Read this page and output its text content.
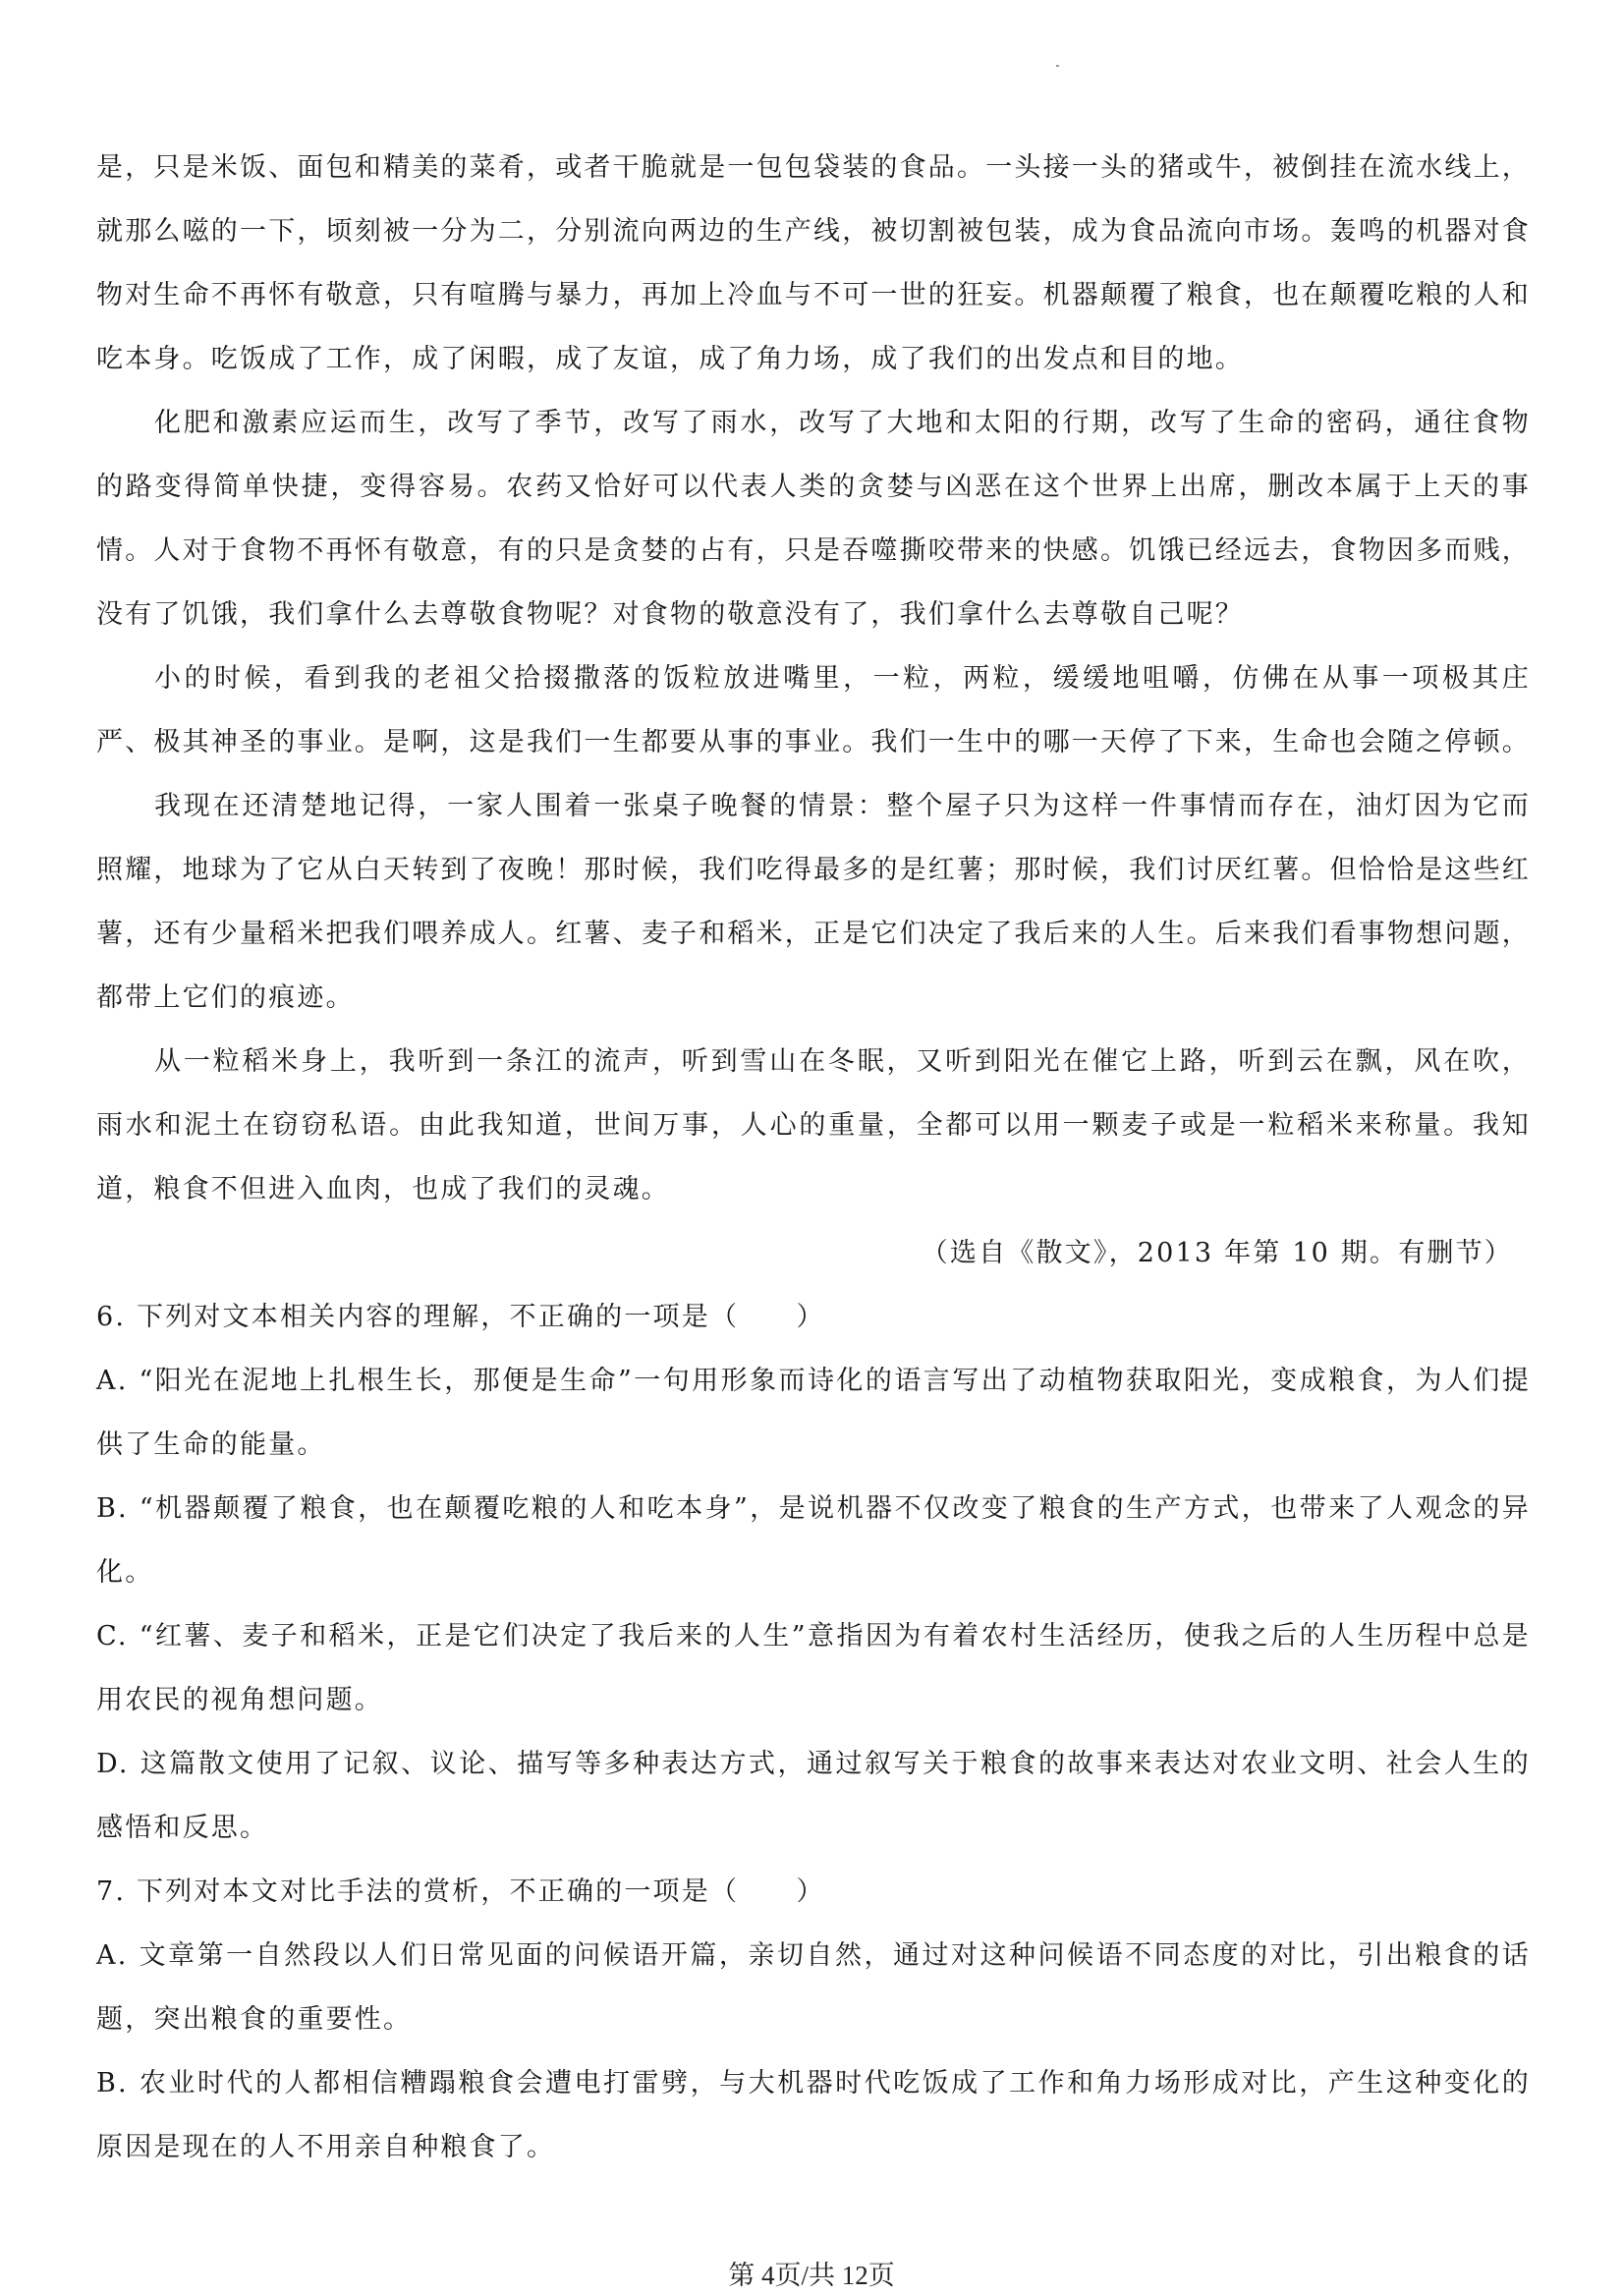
是，只是米饭、面包和精美的菜肴，或者干脆就是一包包袋装的食品。一头接一头的猪或牛，被倒挂在流水线上，就那么嗞的一下，顷刻被一分为二，分别流向两边的生产线，被切割被包装，成为食品流向市场。轰鸣的机器对食物对生命不再怀有敬意，只有喧腾与暴力，再加上冷血与不可一世的狂妄。机器颠覆了粮食，也在颠覆吃粮的人和吃本身。吃饭成了工作，成了闲暇，成了友谊，成了角力场，成了我们的出发点和目的地。

化肥和激素应运而生，改写了季节，改写了雨水，改写了大地和太阳的行期，改写了生命的密码，通往食物的路变得简单快捷，变得容易。农药又恰好可以代表人类的贪婪与凶恶在这个世界上出席，删改本属于上天的事情。人对于食物不再怀有敬意，有的只是贪婪的占有，只是吞噬撕咬带来的快感。饥饿已经远去，食物因多而贱，没有了饥饿，我们拿什么去尊敬食物呢？对食物的敬意没有了，我们拿什么去尊敬自己呢？

小的时候，看到我的老祖父拾掇撒落的饭粒放进嘴里，一粒，两粒，缓缓地咀嚼，仿佛在从事一项极其庄严、极其神圣的事业。是啊，这是我们一生都要从事的事业。我们一生中的哪一天停了下来，生命也会随之停顿。

我现在还清楚地记得，一家人围着一张桌子晚餐的情景：整个屋子只为这样一件事情而存在，油灯因为它而照耀，地球为了它从白天转到了夜晚！那时候，我们吃得最多的是红薯；那时候，我们讨厌红薯。但恰恰是这些红薯，还有少量稻米把我们喂养成人。红薯、麦子和稻米，正是它们决定了我后来的人生。后来我们看事物想问题，都带上它们的痕迹。

从一粒稻米身上，我听到一条江的流声，听到雪山在冬眠，又听到阳光在催它上路，听到云在飘，风在吹，雨水和泥土在窃窃私语。由此我知道，世间万事，人心的重量，全都可以用一颗麦子或是一粒稻米来称量。我知道，粮食不但进入血肉，也成了我们的灵魂。

（选自《散文》，2013 年第 10 期。有删节）

6. 下列对文本相关内容的理解，不正确的一项是（　　）

A. “阳光在泥地上扎根生长，那便是生命”一句用形象而诗化的语言写出了动植物获取阳光，变成粮食，为人们提供了生命的能量。

B. “机器颠覆了粮食，也在颠覆吃粮的人和吃本身”，是说机器不仅改变了粮食的生产方式，也带来了人观念的异化。

C. “红薯、麦子和稻米，正是它们决定了我后来的人生”意指因为有着农村生活经历，使我之后的人生历程中总是用农民的视角想问题。

D. 这篇散文使用了记叙、议论、描写等多种表达方式，通过叙写关于粮食的故事来表达对农业文明、社会人生的感悟和反思。

7. 下列对本文对比手法的赏析，不正确的一项是（　　）

A. 文章第一自然段以人们日常见面的问候语开篇，亲切自然，通过对这种问候语不同态度的对比，引出粮食的话题，突出粮食的重要性。

B. 农业时代的人都相信糟蹋粮食会遭电打雷劈，与大机器时代吃饭成了工作和角力场形成对比，产生这种变化的原因是现在的人不用亲自种粮食了。

第 4页/共 12页
